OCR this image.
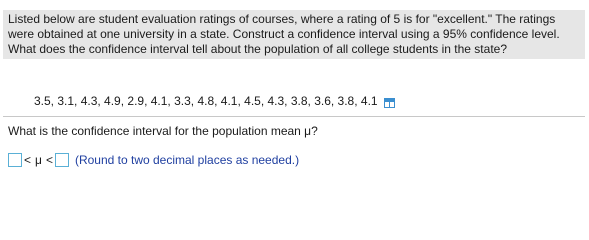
Listed below are student evaluation ratings of courses, where a rating of 5 is for "excellent." The ratings were obtained at one university in a state. Construct a confidence interval using a 95% confidence level. What does the confidence interval tell about the population of all college students in the state?
3.5, 3.1, 4.3, 4.9, 2.9, 4.1, 3.3, 4.8, 4.1, 4.5, 4.3, 3.8, 3.6, 3.8, 4.1
What is the confidence interval for the population mean μ?
< μ < (Round to two decimal places as needed.)
